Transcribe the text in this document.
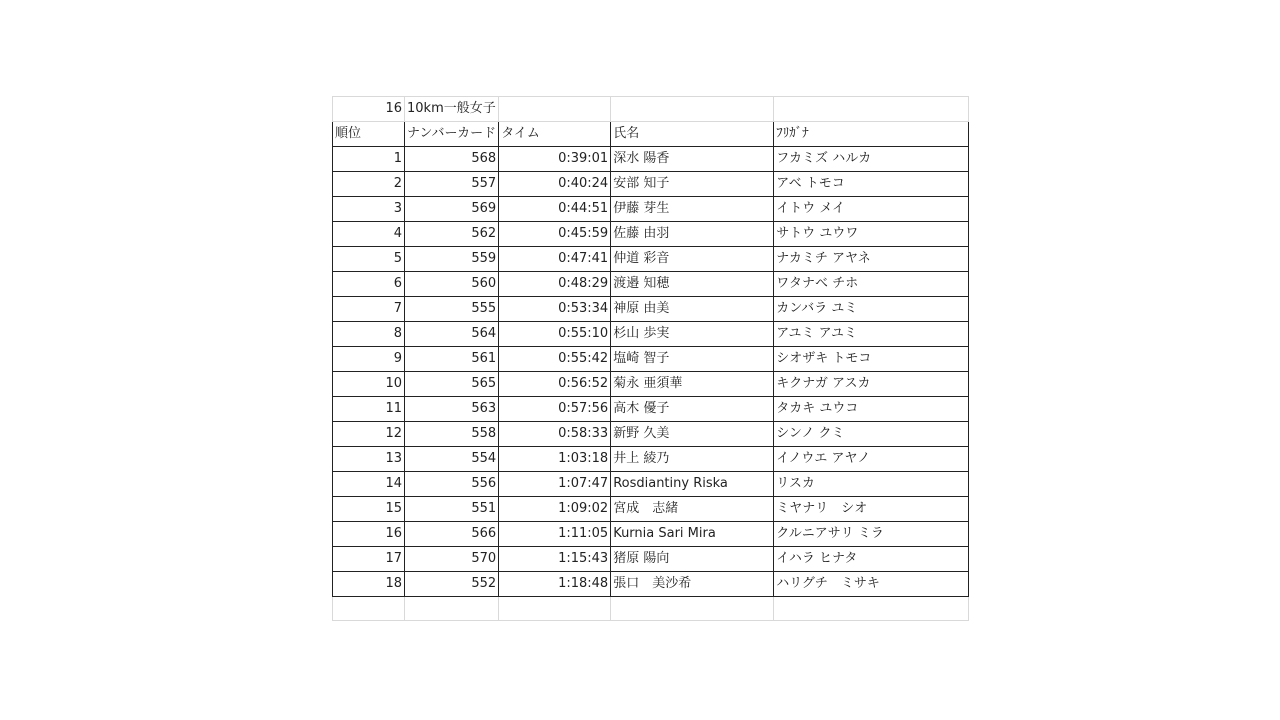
16	10km一般女子			
順位	ナンバーカード	タイム	氏名	ﾌﾘｶﾞﾅ
1	568	0:39:01	深水 陽香	フカミズ ハルカ
2	557	0:40:24	安部 知子	アベ トモコ
3	569	0:44:51	伊藤 芽生	イトウ メイ
4	562	0:45:59	佐藤 由羽	サトウ ユウワ
5	559	0:47:41	仲道 彩音	ナカミチ アヤネ
6	560	0:48:29	渡邉 知穂	ワタナベ チホ
7	555	0:53:34	神原 由美	カンバラ ユミ
8	564	0:55:10	杉山 歩実	アユミ アユミ
9	561	0:55:42	塩崎 智子	シオザキ トモコ
10	565	0:56:52	菊永 亜須華	キクナガ アスカ
11	563	0:57:56	高木 優子	タカキ ユウコ
12	558	0:58:33	新野 久美	シンノ クミ
13	554	1:03:18	井上 綾乃	イノウエ アヤノ
14	556	1:07:47	Rosdiantiny Riska	リスカ
15	551	1:09:02	宮成　志緒	ミヤナリ　シオ
16	566	1:11:05	Kurnia Sari Mira	クルニアサリ ミラ
17	570	1:15:43	猪原 陽向	イハラ ヒナタ
18	552	1:18:48	張口　美沙希	ハリグチ　ミサキ
